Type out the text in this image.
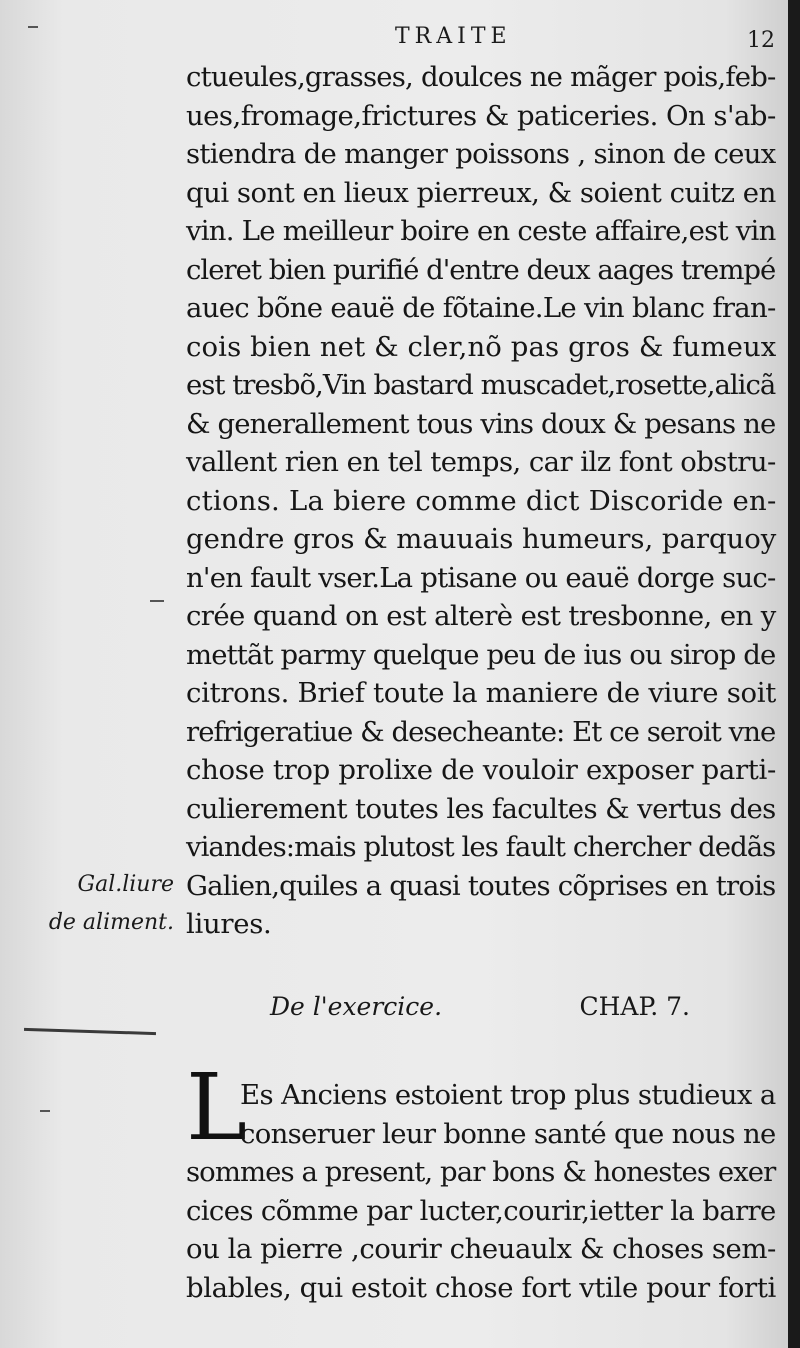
TRAITE	12
ctueules,grasses, doulces ne mãger pois,feb-
ues,fromage,frictures & paticeries. On s'ab-
stiendra de manger poissons , sinon de ceux
qui sont en lieux pierreux, & soient cuitz en
vin. Le meilleur boire en ceste affaire,est vin
cleret bien purifié d'entre deux aages trempé
auec bõne eauë de fõtaine.Le vin blanc fran-
cois bien net & cler,nõ pas gros & fumeux
est tresbõ,Vin bastard muscadet,rosette,alicã
& generallement tous vins doux & pesans ne
vallent rien en tel temps, car ilz font obstru-
ctions. La biere comme dict Discoride en-
gendre gros & mauuais humeurs, parquoy
n'en fault vser.La ptisane ou eauë dorge suc-
crée quand on est alterè est tresbonne, en y
mettãt parmy quelque peu de ius ou sirop de
citrons. Brief toute la maniere de viure soit
refrigeratiue & desecheante: Et ce seroit vne
chose trop prolixe de vouloir exposer parti-
culierement toutes les facultes & vertus des
viandes:mais plutost les fault chercher dedãs
Galien,quiles a quasi toutes cõprises en trois
liures.
Gal.liure
de aliment.
De l'exercice.	CHAP. 7.
L
Es Anciens estoient trop plus studieux a
conseruer leur bonne santé que nous ne
sommes a present, par bons & honestes exer
cices cõmme par lucter,courir,ietter la barre
ou la pierre ,courir cheuaulx & choses sem-
blables, qui estoit chose fort vtile pour forti
